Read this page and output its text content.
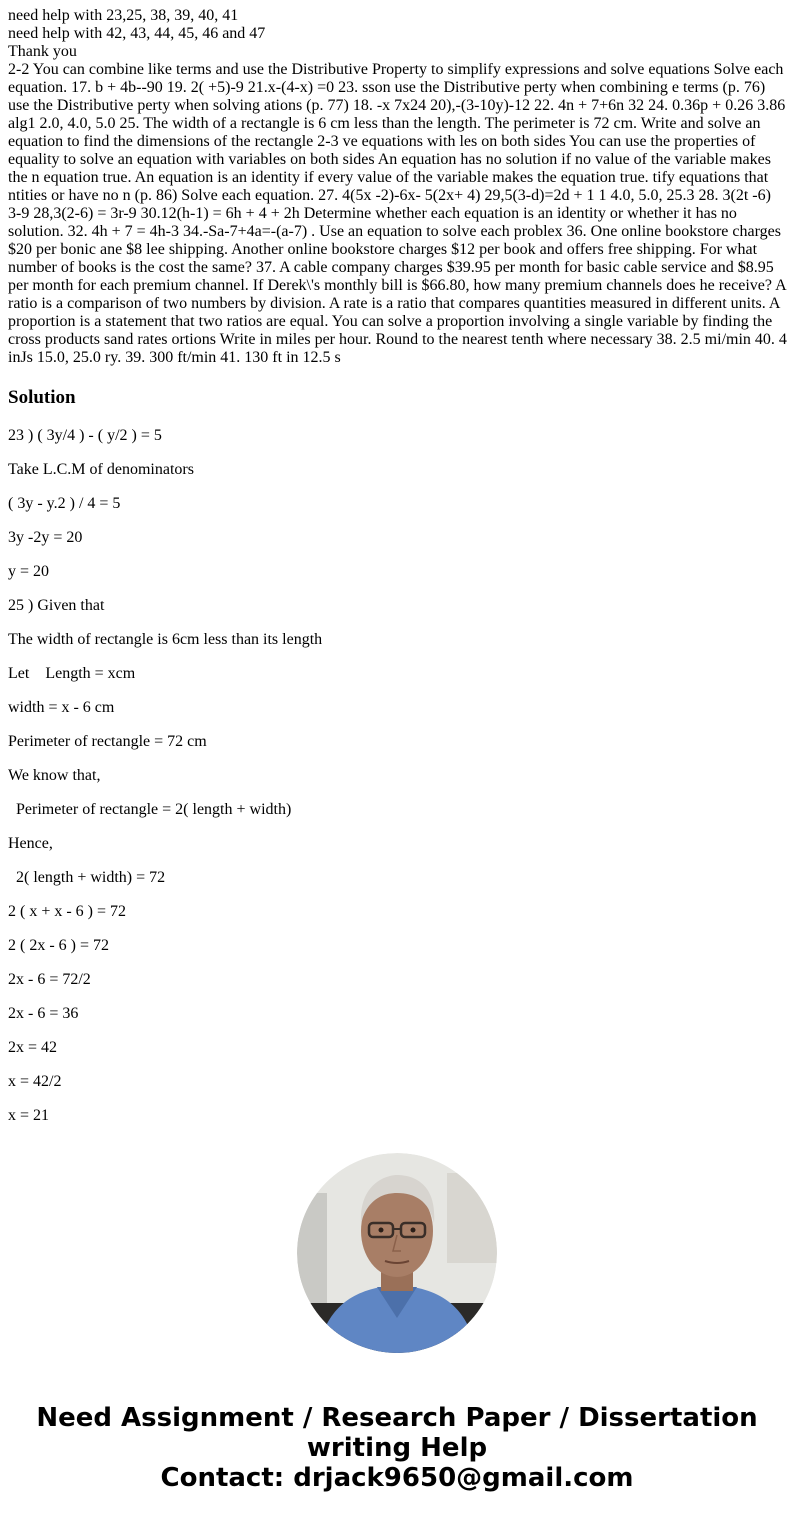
need help with 23,25, 38, 39, 40, 41

need help with 42, 43, 44, 45, 46 and 47

Thank you

2-2 You can combine like terms and use the Distributive Property to simplify expressions and solve equations Solve each equation. 17. b + 4b--90 19. 2( +5)-9 21.x-(4-x) =0 23. sson use the Distributive perty when combining e terms (p. 76) use the Distributive perty when solving ations (p. 77) 18. -x 7x24 20),-(3-10y)-12 22. 4n + 7+6n 32 24. 0.36p + 0.26 3.86 alg1 2.0, 4.0, 5.0 25. The width of a rectangle is 6 cm less than the length. The perimeter is 72 cm. Write and solve an equation to find the dimensions of the rectangle 2-3 ve equations with les on both sides You can use the properties of equality to solve an equation with variables on both sides An equation has no solution if no value of the variable makes the n equation true. An equation is an identity if every value of the variable makes the equation true. tify equations that ntities or have no n (p. 86) Solve each equation. 27. 4(5x -2)-6x- 5(2x+ 4) 29,5(3-d)=2d + 1 1 4.0, 5.0, 25.3 28. 3(2t -6) 3-9 28,3(2-6) = 3r-9 30.12(h-1) = 6h + 4 + 2h Determine whether each equation is an identity or whether it has no solution. 32. 4h + 7 = 4h-3 34.-Sa-7+4a=-(a-7) . Use an equation to solve each problex 36. One online bookstore charges $20 per bonic ane $8 lee shipping. Another online bookstore charges $12 per book and offers free shipping. For what number of books is the cost the same? 37. A cable company charges $39.95 per month for basic cable service and $8.95 per month for each premium channel. If Derek\'s monthly bill is $66.80, how many premium channels does he receive? A ratio is a comparison of two numbers by division. A rate is a ratio that compares quantities measured in different units. A proportion is a statement that two ratios are equal. You can solve a proportion involving a single variable by finding the cross products sand rates ortions Write in miles per hour. Round to the nearest tenth where necessary 38. 2.5 mi/min 40. 4 inJs 15.0, 25.0 ry. 39. 300 ft/min 41. 130 ft in 12.5 s

Solution

23 ) ( 3y/4 ) - ( y/2 ) = 5

Take L.C.M of denominators

( 3y - y.2 ) / 4 = 5

3y -2y = 20

y = 20

25 ) Given that

The width of rectangle is 6cm less than its length

Let    Length = xcm

width = x - 6 cm

Perimeter of rectangle = 72 cm

We know that,

Perimeter of rectangle = 2( length + width)

Hence,

2( length + width) = 72

2 ( x + x - 6 ) = 72

2 ( 2x - 6 ) = 72

2x - 6 = 72/2

2x - 6 = 36

2x = 42

x = 42/2

x = 21

Need Assignment / Research Paper / Dissertation
writing Help
Contact: drjack9650@gmail.com
